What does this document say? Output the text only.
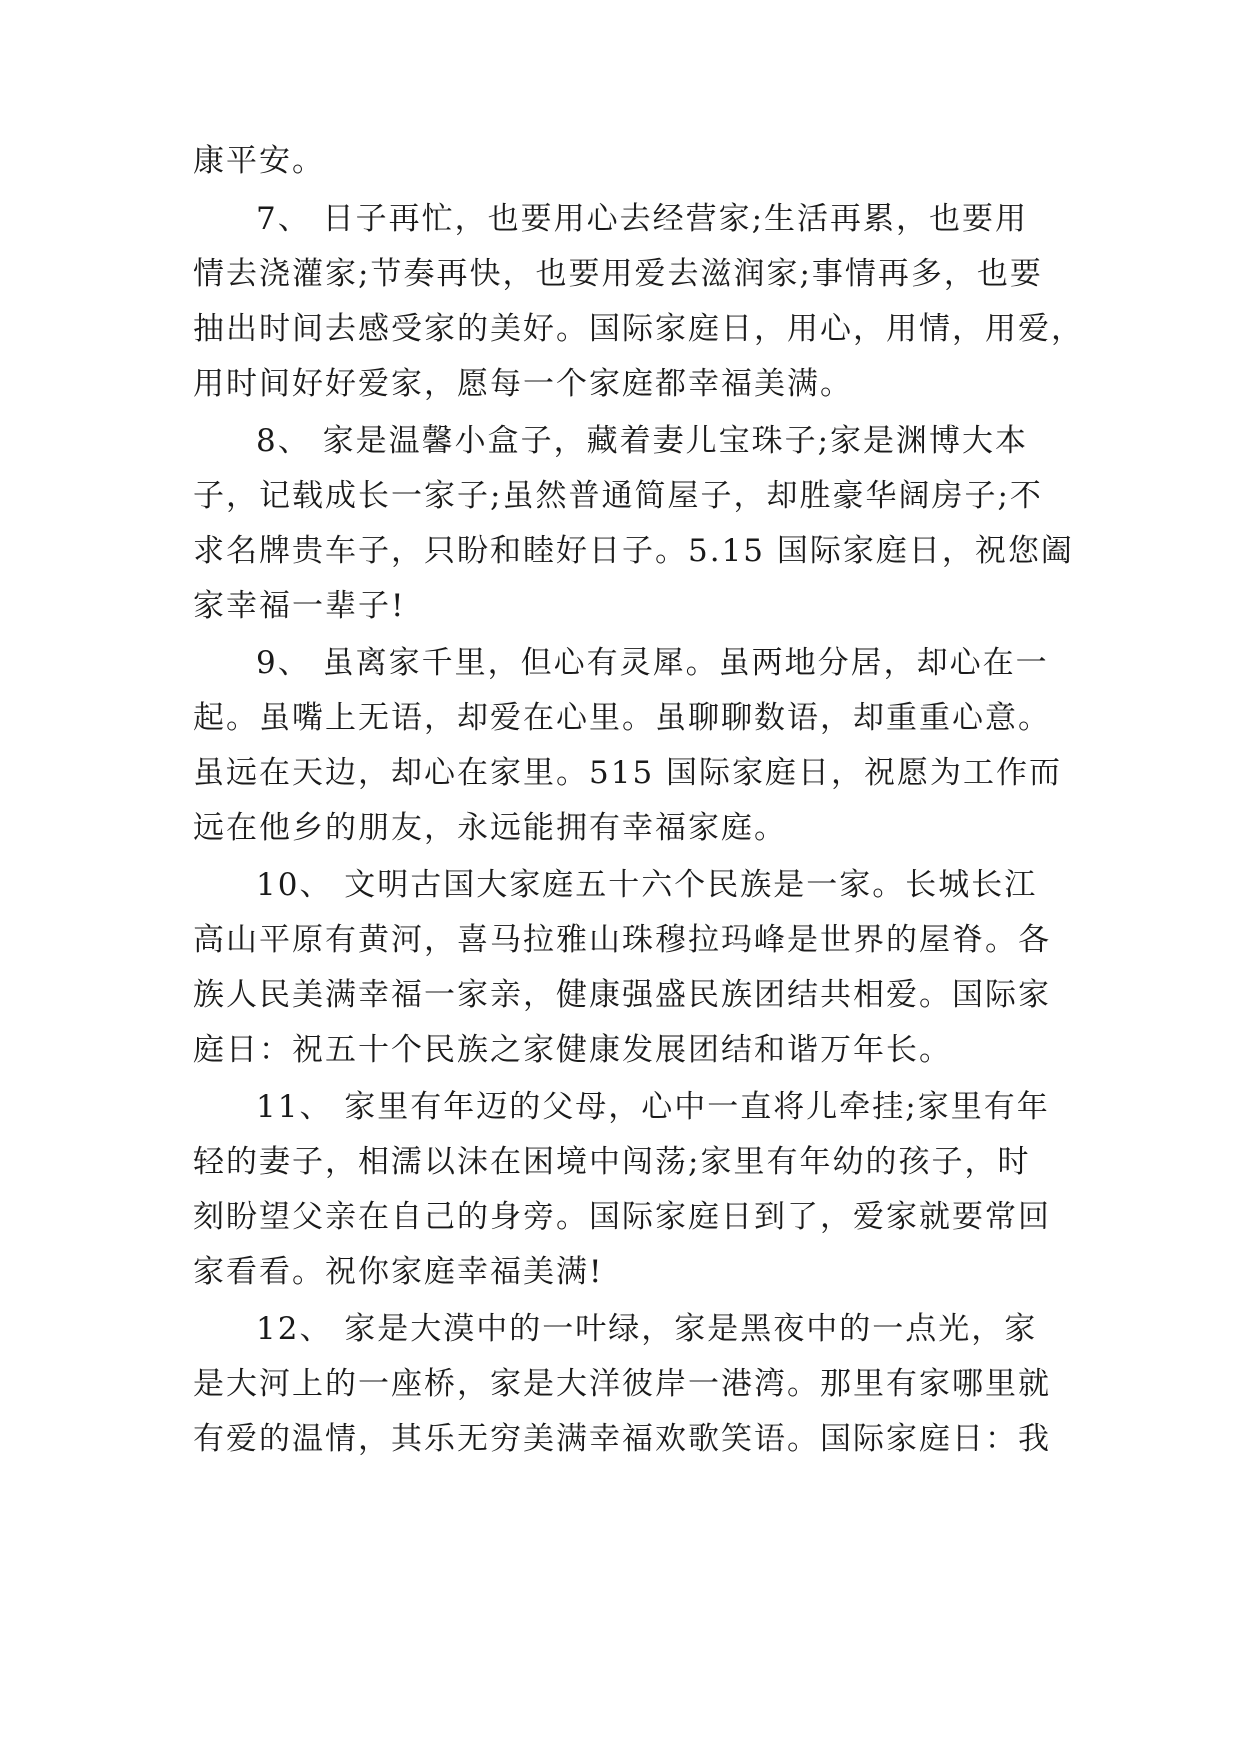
康平安。
7、 日子再忙，也要用心去经营家;生活再累，也要用
情去浇灌家;节奏再快，也要用爱去滋润家;事情再多，也要
抽出时间去感受家的美好。国际家庭日，用心，用情，用爱，
用时间好好爱家，愿每一个家庭都幸福美满。
8、 家是温馨小盒子，藏着妻儿宝珠子;家是渊博大本
子，记载成长一家子;虽然普通简屋子，却胜豪华阔房子;不
求名牌贵车子，只盼和睦好日子。5.15 国际家庭日，祝您阖
家幸福一辈子!
9、 虽离家千里，但心有灵犀。虽两地分居，却心在一
起。虽嘴上无语，却爱在心里。虽聊聊数语，却重重心意。
虽远在天边，却心在家里。515 国际家庭日，祝愿为工作而
远在他乡的朋友，永远能拥有幸福家庭。
10、 文明古国大家庭五十六个民族是一家。长城长江
高山平原有黄河，喜马拉雅山珠穆拉玛峰是世界的屋脊。各
族人民美满幸福一家亲，健康强盛民族团结共相爱。国际家
庭日：祝五十个民族之家健康发展团结和谐万年长。
11、 家里有年迈的父母，心中一直将儿牵挂;家里有年
轻的妻子，相濡以沫在困境中闯荡;家里有年幼的孩子，时
刻盼望父亲在自己的身旁。国际家庭日到了，爱家就要常回
家看看。祝你家庭幸福美满!
12、 家是大漠中的一叶绿，家是黑夜中的一点光，家
是大河上的一座桥，家是大洋彼岸一港湾。那里有家哪里就
有爱的温情，其乐无穷美满幸福欢歌笑语。国际家庭日：我
